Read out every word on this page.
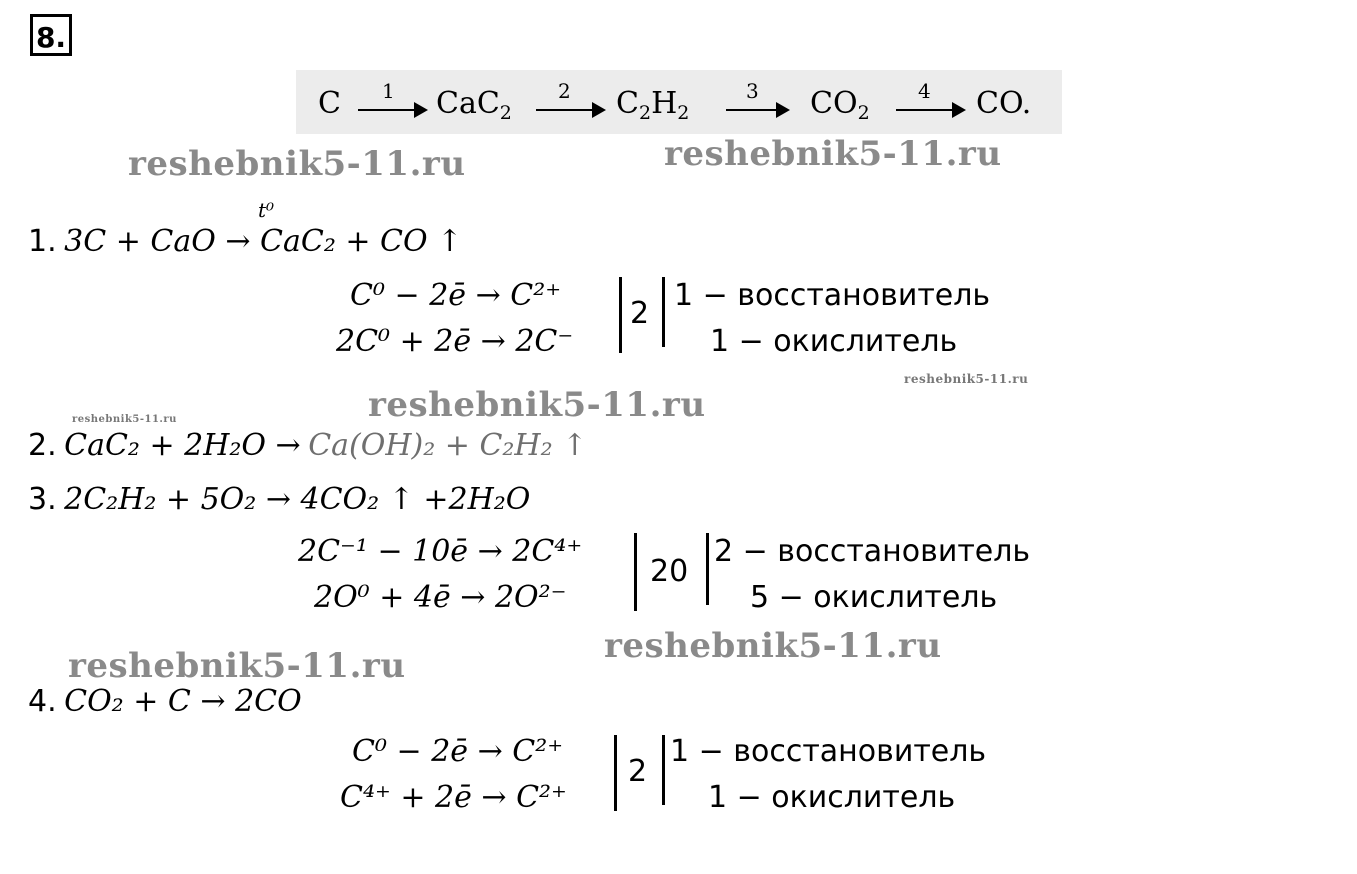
8.
C 1 CaC$_2$
2 $C_2H_2$
3 $CO_2$
4 CO.
reshebnik5-11.ru	reshebnik5-11.ru
reshebnik5-11.ru
reshebnik5-11.ru
reshebnik5-11.ru
reshebnik5-11.ru
reshebnik5-11.ru
t⁰
1. 3C + CaO → CaC₂ + CO ↑
C⁰ − 2ē → C²⁺
2C⁰ + 2ē → 2C⁻
2
1 − восстановитель
1 − окислитель
2. CaC₂ + 2H₂O → Ca(OH)₂ + C₂H₂ ↑
3. 2C₂H₂ + 5O₂ → 4CO₂ ↑ +2H₂O
2C⁻¹ − 10ē → 2C⁴⁺
2O⁰ + 4ē → 2O²⁻
20
2 − восстановитель
5 − окислитель
4. CO₂ + C → 2CO
C⁰ − 2ē → C²⁺
C⁴⁺ + 2ē → C²⁺
2
1 − восстановитель
1 − окислитель
